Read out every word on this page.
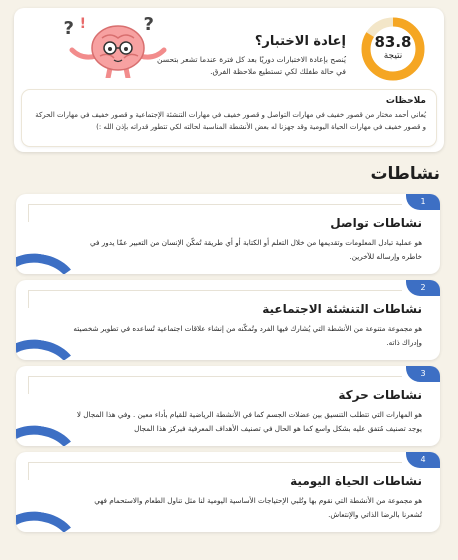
83.8
نتيجة
إعادة الاختبار؟
يُنصح بإعادة الاختبارات دوريًا بعد كل فترة عندما تشعر بتحسن في حالة طفلك لكي تستطيع ملاحظة الفرق.
? !	?
ملاحظات
يُعاني أحمد مختار من قصور خفيف في مهارات التواصل و قصور خفيف في مهارات التنشئة الإجتماعية و قصور خفيف في مهارات الحركة و قصور خفيف في مهارات الحياة اليومية وقد جهزنا له بعض الأنشطة المناسبة لحالته لكي تتطور قدراته بإذن الله :)
نشاطات
1
نشاطات تواصل
هو عملية تبادل المعلومات وتقديمها من خلال التعلم أو الكتابة أو أي طريقة تُمكّن الإنسان من التعبير عمّا يدور في خاطره وإرساله للآخرين.
2
نشاطات التنشئة الاجتماعية
هو مجموعة متنوعة من الأنشطة التي يُشارك فيها الفرد وتُمكّنه من إنشاء علاقات اجتماعية تُساعده في تطوير شخصيته وإدراك ذاته.
3
نشاطات حركة
هو المهارات التي تتطلب التنسيق بين عضلات الجسم كما في الأنشطة الرياضية للقيام بأداء معين . وفي هذا المجال لا يوجد تصنيف مُتفق عليه بشكل واسع كما هو الحال في تصنيف الأهداف المعرفية فبركز هذا المجال
4
نشاطات الحياة اليومية
هو مجموعة من الأنشطة التي نقوم بها وتُلبي الإحتياجات الأساسية اليومية لنا مثل تناول الطعام والاستحمام فهي تُشعرنا بالرضا الذاتي والإنتعاش.
